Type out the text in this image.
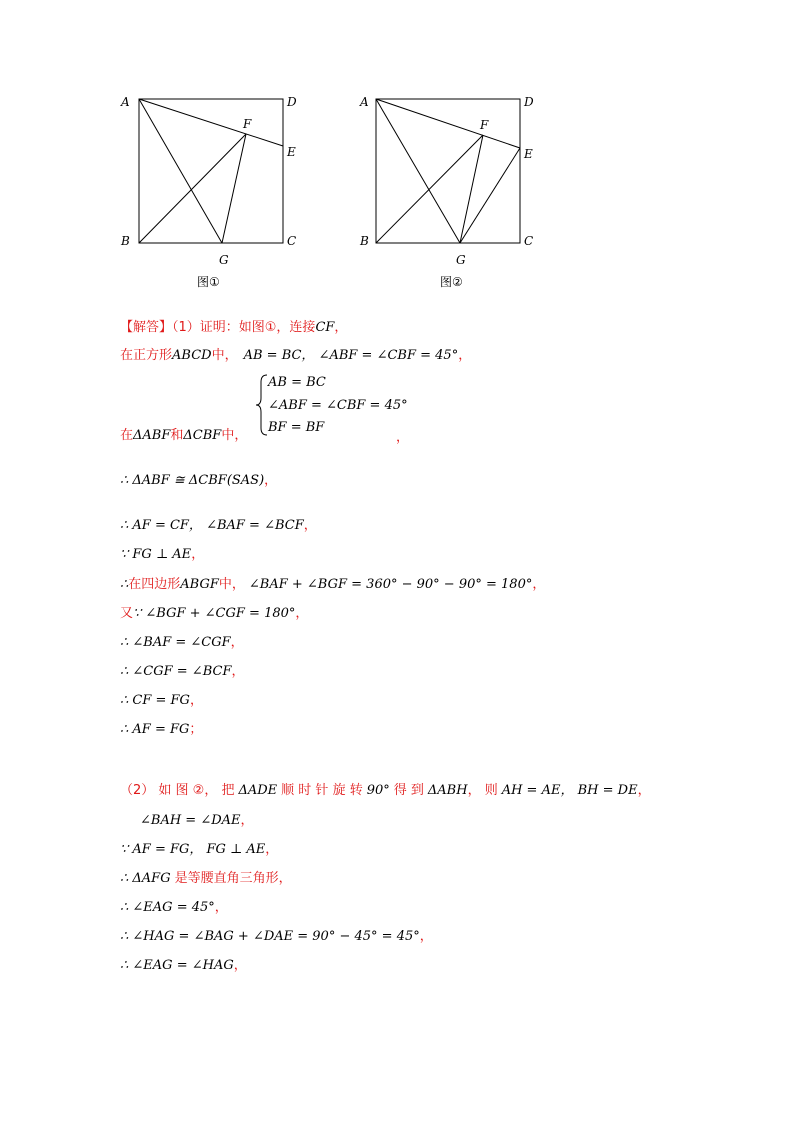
A	D
F
E
B	C
G
图①
A	D
F
E
B	C
G
图②
【解答】（1）证明：如图①，连接CF，
在正方形ABCD中， AB = BC， ∠ABF = ∠CBF = 45°，
AB = BC
∠ABF = ∠CBF = 45°
BF = BF
在ΔABF和ΔCBF中，	，
∴ ΔABF ≅ ΔCBF(SAS)，
∴ AF = CF， ∠BAF = ∠BCF，
∵ FG ⊥ AE，
∴在四边形ABGF中， ∠BAF + ∠BGF = 360° − 90° − 90° = 180°，
又∵ ∠BGF + ∠CGF = 180°，
∴ ∠BAF = ∠CGF，
∴ ∠CGF = ∠BCF，
∴ CF = FG，
∴ AF = FG；
（2） 如 图 ②， 把 ΔADE 顺 时 针 旋 转 90° 得 到 ΔABH， 则 AH = AE， BH = DE，
∠BAH = ∠DAE，
∵ AF = FG， FG ⊥ AE，
∴ ΔAFG 是等腰直角三角形，
∴ ∠EAG = 45°，
∴ ∠HAG = ∠BAG + ∠DAE = 90° − 45° = 45°，
∴ ∠EAG = ∠HAG，
